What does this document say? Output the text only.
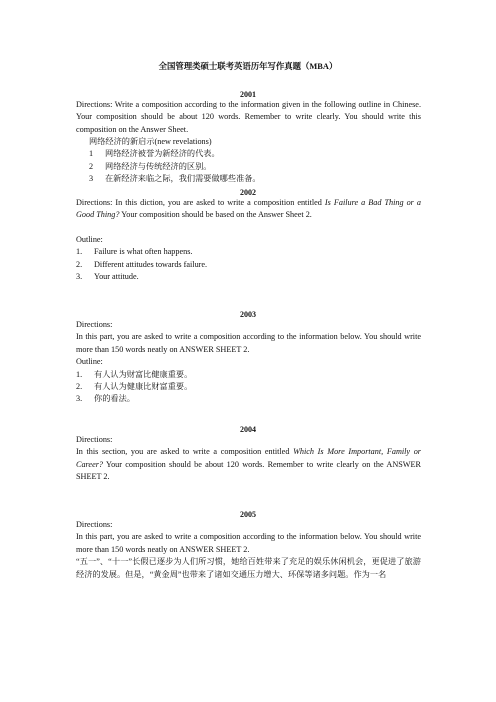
全国管理类硕士联考英语历年写作真题（MBA）
2001
Directions: Write a composition according to the information given in the following outline in Chinese. Your composition should be about 120 words. Remember to write clearly. You should write this composition on the Answer Sheet.
网络经济的新启示(new revelations)
1 网络经济被誉为新经济的代表。
2 网络经济与传统经济的区别。
3 在新经济来临之际，我们需要做哪些准备。
2002
Directions: In this diction, you are asked to write a composition entitled Is Failure a Bad Thing or a Good Thing? Your composition should be based on the Answer Sheet 2.
Outline:
1. Failure is what often happens.
2. Different attitudes towards failure.
3. Your attitude.
2003
Directions:
In this part, you are asked to write a composition according to the information below. You should write more than 150 words neatly on ANSWER SHEET 2.
Outline:
1. 有人认为财富比健康重要。
2. 有人认为健康比财富重要。
3. 你的看法。
2004
Directions:
In this section, you are asked to write a composition entitled Which Is More Important, Family or Career? Your composition should be about 120 words. Remember to write clearly on the ANSWER SHEET 2.
2005
Directions:
In this part, you are asked to write a composition according to the information below. You should write more than 150 words neatly on ANSWER SHEET 2.
“五一”、“十一”长假已逐步为人们所习惯，她给百姓带来了充足的娱乐休闲机会，更促进了旅游经济的发展。但是，“黄金周”也带来了诸如交通压力增大、环保等诸多问题。作为一名
